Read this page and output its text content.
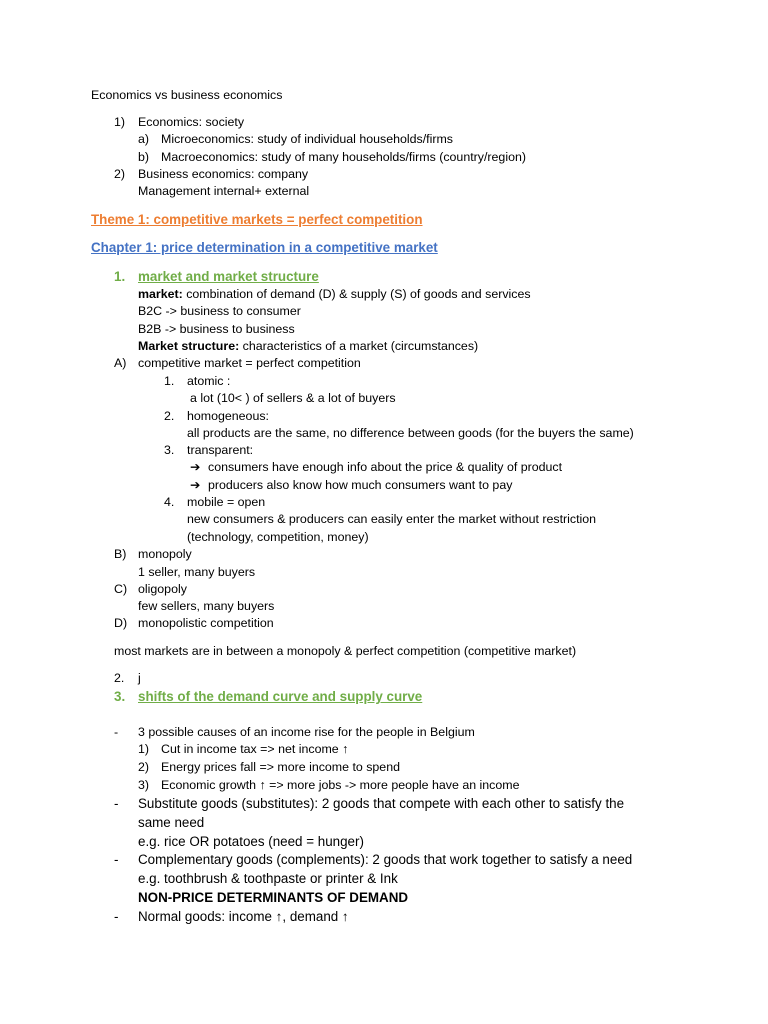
Economics vs business economics
1) Economics: society
a) Microeconomics: study of individual households/firms
b) Macroeconomics: study of many households/firms (country/region)
2) Business economics: company
Management internal+ external
Theme 1: competitive markets = perfect competition
Chapter 1: price determination in a competitive market
1. market and market structure
market: combination of demand (D) & supply (S) of goods and services
B2C -> business to consumer
B2B -> business to business
Market structure: characteristics of a market (circumstances)
A) competitive market = perfect competition
1. atomic :
a lot (10< ) of sellers & a lot of buyers
2. homogeneous:
all products are the same, no difference between goods (for the buyers the same)
3. transparent:
➔ consumers have enough info about the price & quality of product
➔ producers also know how much consumers want to pay
4. mobile = open
new consumers & producers can easily enter the market without restriction
(technology, competition, money)
B) monopoly
1 seller, many buyers
C) oligopoly
few sellers, many buyers
D) monopolistic competition
most markets are in between a monopoly & perfect competition (competitive market)
2. j
3. shifts of the demand curve and supply curve
- 3 possible causes of an income rise for the people in Belgium
1) Cut in income tax => net income ↑
2) Energy prices fall => more income to spend
3) Economic growth ↑ => more jobs -> more people have an income
- Substitute goods (substitutes): 2 goods that compete with each other to satisfy the
same need
e.g. rice OR potatoes (need = hunger)
- Complementary goods (complements): 2 goods that work together to satisfy a need
e.g. toothbrush & toothpaste or printer & Ink
NON-PRICE DETERMINANTS OF DEMAND
- Normal goods: income ↑, demand ↑
